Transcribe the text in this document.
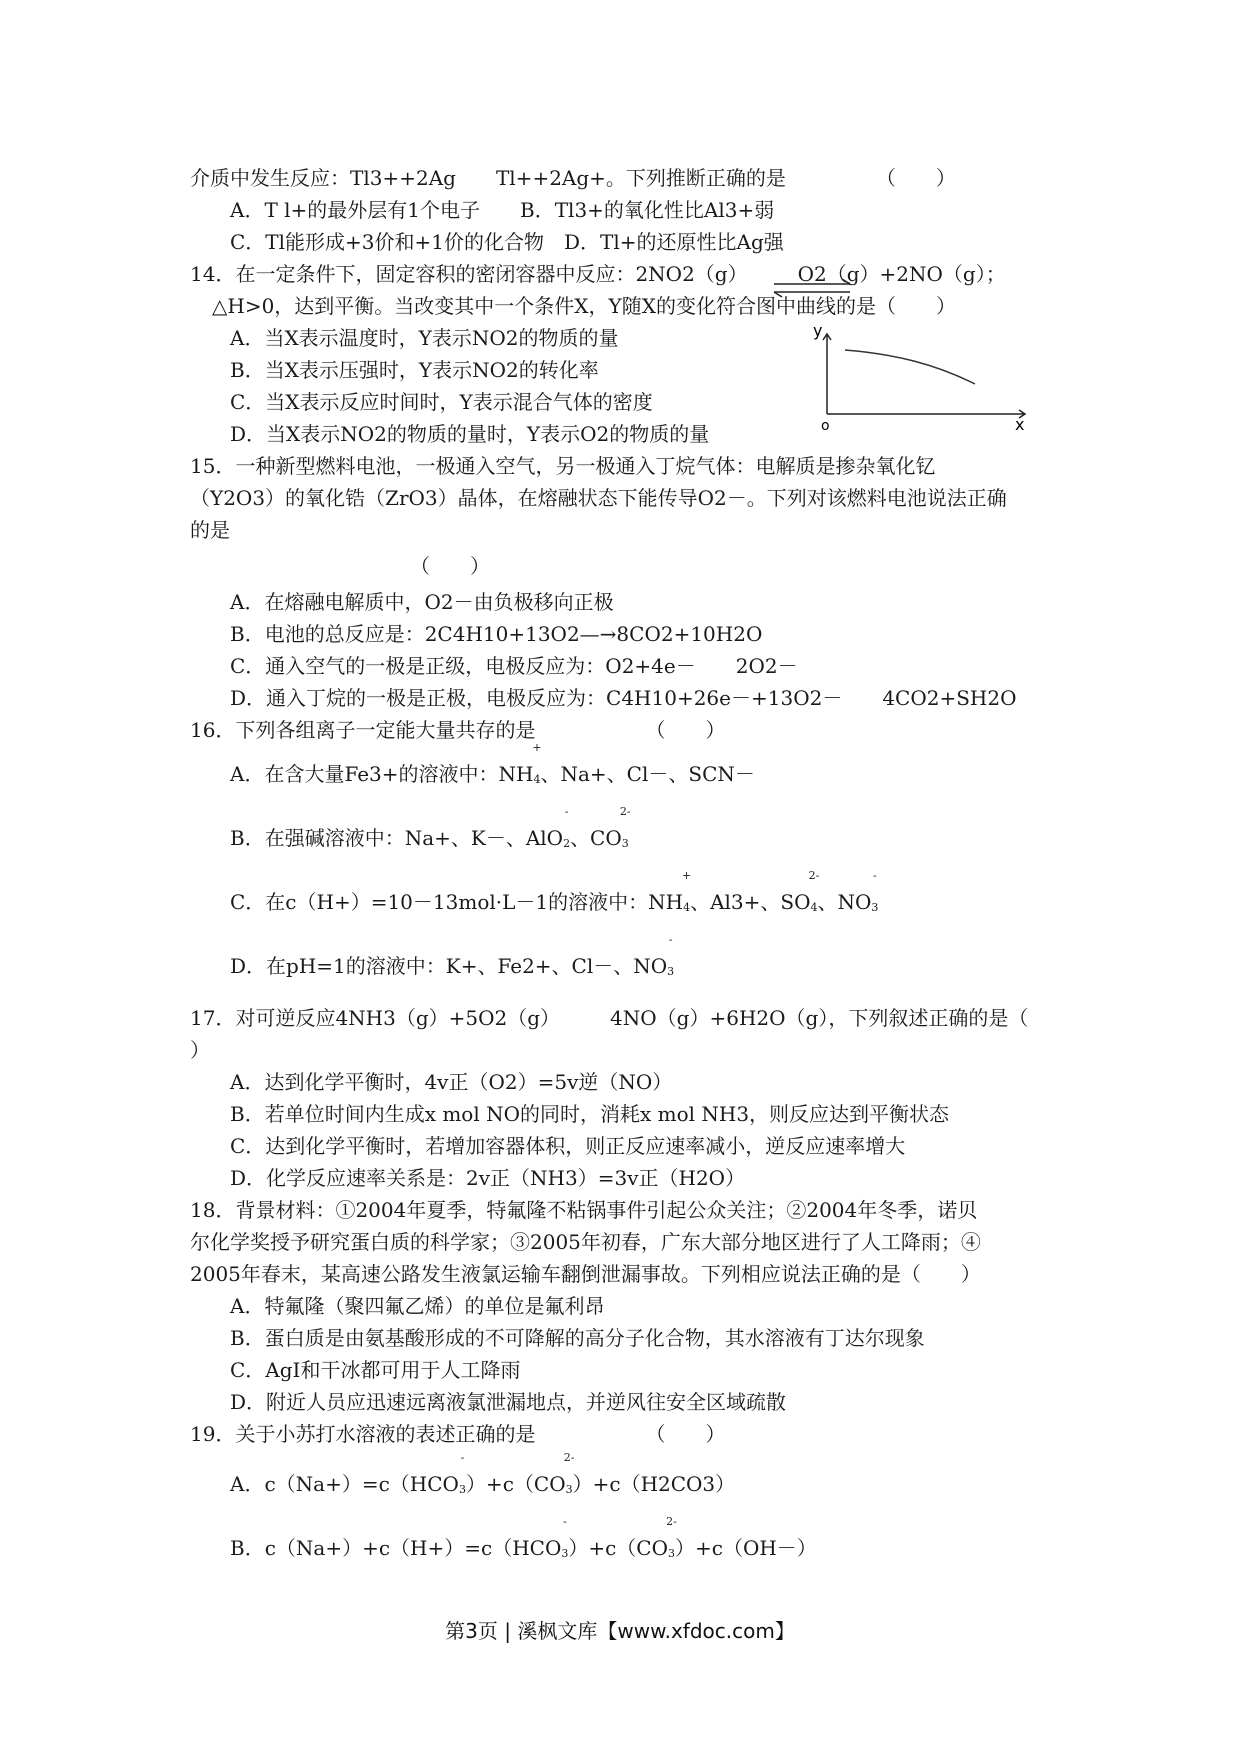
介质中发生反应：Tl3++2Ag　　Tl++2Ag+。下列推断正确的是　　　　　（　　）
A．T l+的最外层有1个电子　　B．Tl3+的氧化性比Al3+弱
C．Tl能形成+3价和+1价的化合物　D．Tl+的还原性比Ag强
14．在一定条件下，固定容积的密闭容器中反应：2NO2（g）　　　O2（g）+2NO（g）；
△H>0，达到平衡。当改变其中一个条件X，Y随X的变化符合图中曲线的是（　　）
A．当X表示温度时，Y表示NO2的物质的量
B．当X表示压强时，Y表示NO2的转化率
C．当X表示反应时间时，Y表示混合气体的密度
D．当X表示NO2的物质的量时，Y表示O2的物质的量
y
x
o
15．一种新型燃料电池，一极通入空气，另一极通入丁烷气体：电解质是掺杂氧化钇
（Y2O3）的氧化锆（ZrO3）晶体，在熔融状态下能传导O2－。下列对该燃料电池说法正确
的是
（　　）
A．在熔融电解质中，O2－由负极移向正极
B．电池的总反应是：2C4H10+13O2—→8CO2+10H2O
C．通入空气的一极是正级，电极反应为：O2+4e－　　2O2－
D．通入丁烷的一极是正极，电极反应为：C4H10+26e－+13O2－　　4CO2+SH2O
16．下列各组离子一定能大量共存的是　　　　　　（　　）
A．在含大量Fe3+的溶液中：NH
+
4、Na+、Cl－、SCN－
B．在强碱溶液中：Na+、K－、AlO
-
2、CO
2-
3
C．在c（H+）=10－13mol·L－1的溶液中：NH
+
4、Al3+、SO
2-
4、NO
-
3
D．在pH=1的溶液中：K+、Fe2+、Cl－、NO
-
3
17．对可逆反应4NH3（g）+5O2（g）　　　4NO（g）+6H2O（g），下列叙述正确的是（
）
A．达到化学平衡时，4v正（O2）=5v逆（NO）
B．若单位时间内生成x mol NO的同时，消耗x mol NH3，则反应达到平衡状态
C．达到化学平衡时，若增加容器体积，则正反应速率减小，逆反应速率增大
D．化学反应速率关系是：2v正（NH3）=3v正（H2O）
18．背景材料：①2004年夏季，特氟隆不粘锅事件引起公众关注；②2004年冬季，诺贝
尔化学奖授予研究蛋白质的科学家；③2005年初春，广东大部分地区进行了人工降雨；④
2005年春末，某高速公路发生液氯运输车翻倒泄漏事故。下列相应说法正确的是（　　）
A．特氟隆（聚四氟乙烯）的单位是氟利昂
B．蛋白质是由氨基酸形成的不可降解的高分子化合物，其水溶液有丁达尔现象
C．AgI和干冰都可用于人工降雨
D．附近人员应迅速远离液氯泄漏地点，并逆风往安全区域疏散
19．关于小苏打水溶液的表述正确的是　　　　　　（　　）
A．c（Na+）=c（HCO
-
3）+c（CO
2-
3）+c（H2CO3）
B．c（Na+）+c（H+）=c（HCO
-
3）+c（CO
2-
3）+c（OH－）
第3页 | 溪枫文库【www.xfdoc.com】
